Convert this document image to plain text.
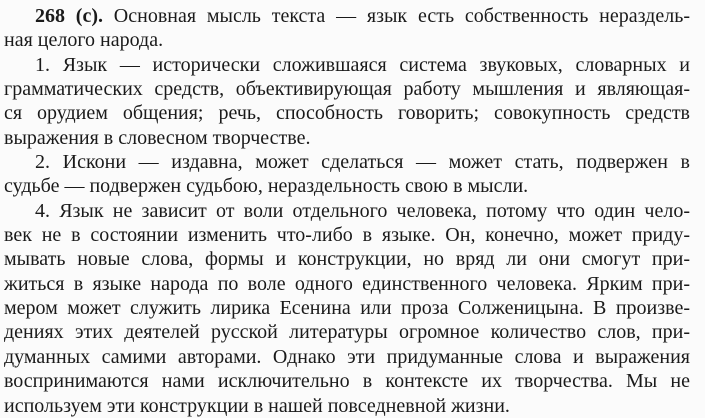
268 (с). Основная мысль текста — язык есть собственность нераздель-
ная целого народа.
1. Язык — исторически сложившаяся система звуковых, словарных и
грамматических средств, объективирующая работу мышления и являющая-
ся орудием общения; речь, способность говорить; совокупность средств
выражения в словесном творчестве.
2. Искони — издавна, может сделаться — может стать, подвержен в
судьбе — подвержен судьбою, нераздельность свою в мысли.
4. Язык не зависит от воли отдельного человека, потому что один чело-
век не в состоянии изменить что-либо в языке. Он, конечно, может приду-
мывать новые слова, формы и конструкции, но вряд ли они смогут при-
житься в языке народа по воле одного единственного человека. Ярким при-
мером может служить лирика Есенина или проза Солженицына. В произве-
дениях этих деятелей русской литературы огромное количество слов, при-
думанных самими авторами. Однако эти придуманные слова и выражения
воспринимаются нами исключительно в контексте их творчества. Мы не
используем эти конструкции в нашей повседневной жизни.
